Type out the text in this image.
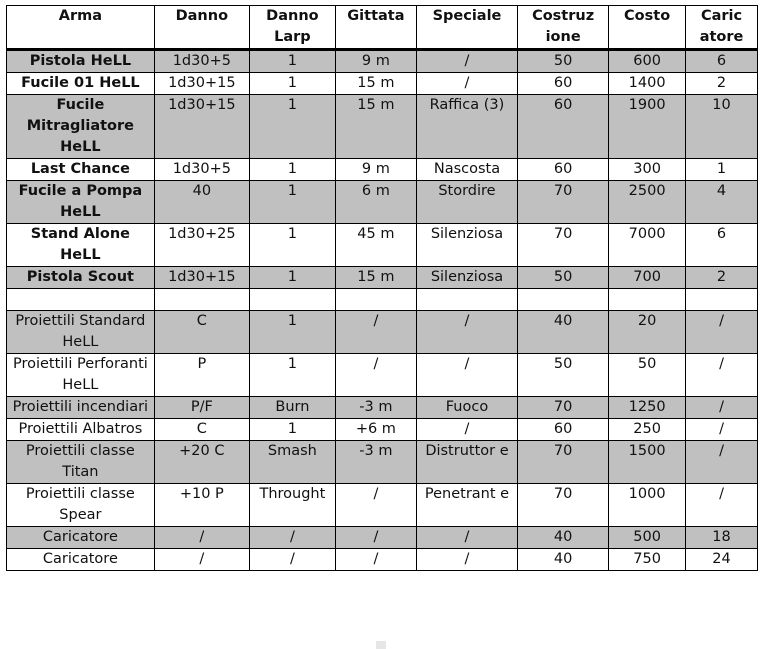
Arma	Danno	Danno Larp	Gittata	Speciale	Costruz ione	Costo	Caric atore
Pistola HeLL	1d30+5	1	9 m	/	50	600	6
Fucile 01 HeLL	1d30+15	1	15 m	/	60	1400	2
Fucile Mitragliatore HeLL	1d30+15	1	15 m	Raffica (3)	60	1900	10
Last Chance	1d30+5	1	9 m	Nascosta	60	300	1
Fucile a Pompa HeLL	40	1	6 m	Stordire	70	2500	4
Stand Alone HeLL	1d30+25	1	45 m	Silenziosa	70	7000	6
Pistola Scout	1d30+15	1	15 m	Silenziosa	50	700	2

Proiettili Standard HeLL	C	1	/	/	40	20	/
Proiettili Perforanti HeLL	P	1	/	/	50	50	/
Proiettili incendiari	P/F	Burn	-3 m	Fuoco	70	1250	/
Proiettili Albatros	C	1	+6 m	/	60	250	/
Proiettili classe Titan	+20 C	Smash	-3 m	Distruttor e	70	1500	/
Proiettili classe Spear	+10 P	Throught	/	Penetrant e	70	1000	/
Caricatore	/	/	/	/	40	500	18
Caricatore	/	/	/	/	40	750	24
